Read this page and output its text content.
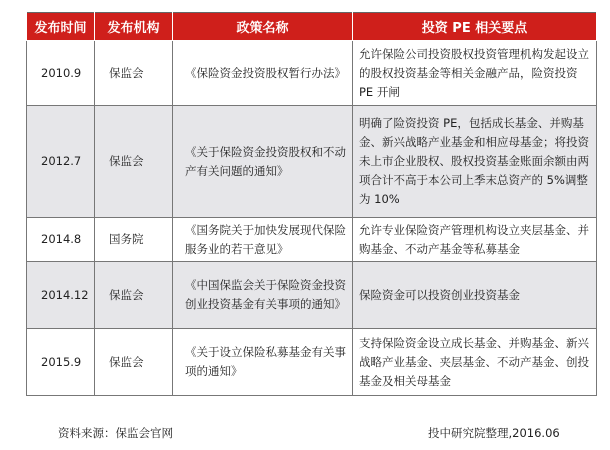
发布时间	发布机构	政策名称	投资 PE 相关要点
2010.9	保监会	《保险资金投资股权暂行办法》	允许保险公司投资股权投资管理机构发起设立的股权投资基金等相关金融产品，险资投资 PE 开闸
2012.7	保监会	《关于保险资金投资股权和不动产有关问题的通知》	明确了险资投资 PE，包括成长基金、并购基金、新兴战略产业基金和相应母基金；将投资未上市企业股权、股权投资基金账面余额由两项合计不高于本公司上季末总资产的 5%调整为 10%
2014.8	国务院	《国务院关于加快发展现代保险服务业的若干意见》	允许专业保险资产管理机构设立夹层基金、并购基金、不动产基金等私募基金
2014.12	保监会	《中国保监会关于保险资金投资创业投资基金有关事项的通知》	保险资金可以投资创业投资基金
2015.9	保监会	《关于设立保险私募基金有关事项的通知》	支持保险资金设立成长基金、并购基金、新兴战略产业基金、夹层基金、不动产基金、创投基金及相关母基金
资料来源：保监会官网	投中研究院整理,2016.06
